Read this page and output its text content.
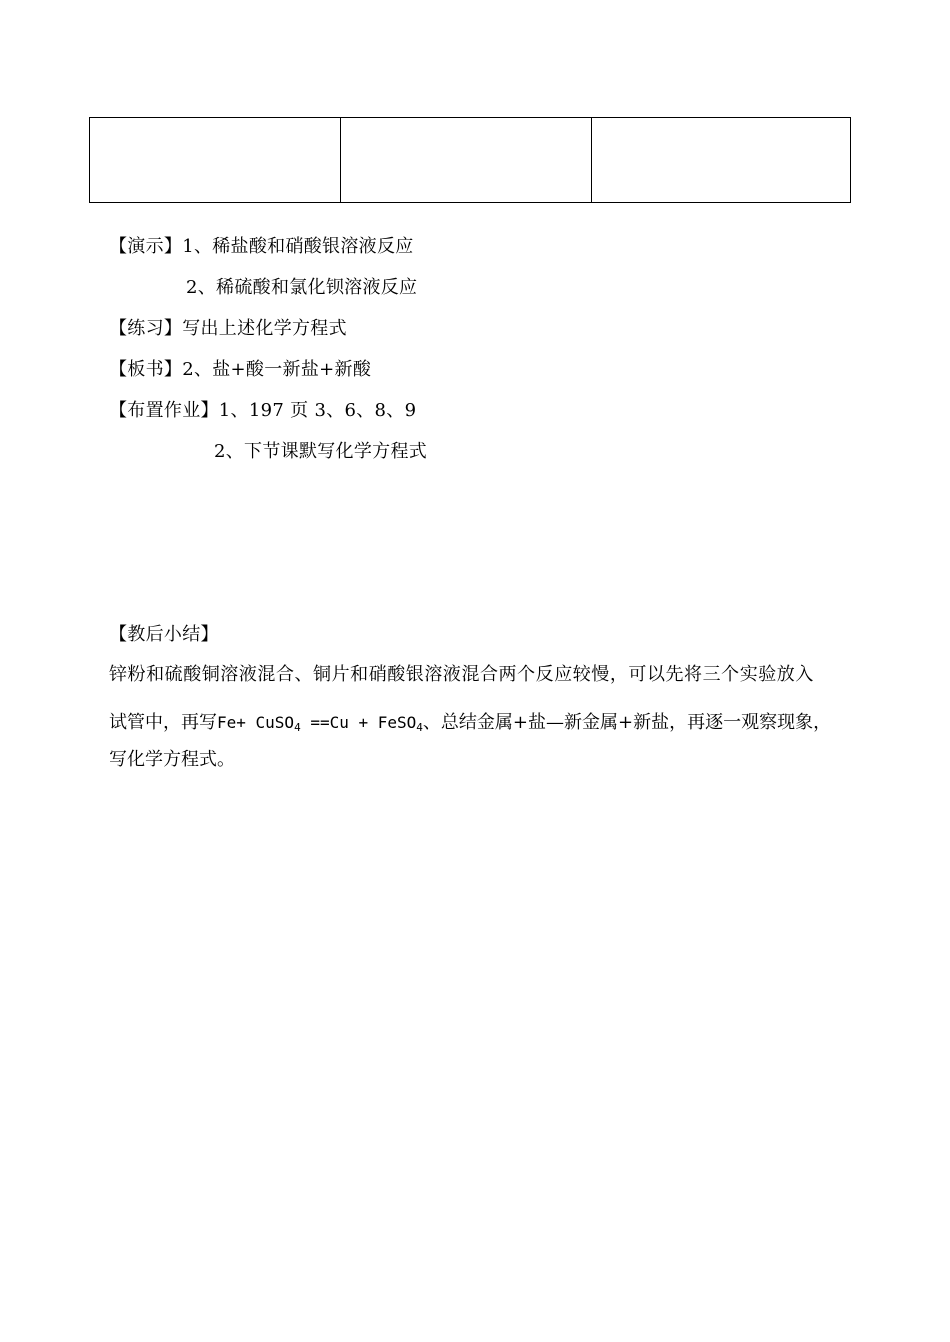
【演示】1、稀盐酸和硝酸银溶液反应
2、稀硫酸和氯化钡溶液反应
【练习】写出上述化学方程式
【板书】2、盐+酸一新盐+新酸
【布置作业】1、197 页 3、6、8、9
2、下节课默写化学方程式
【教后小结】
锌粉和硫酸铜溶液混合、铜片和硝酸银溶液混合两个反应较慢，可以先将三个实验放入
试管中，再写Fe+ CuSO$_4$ ==Cu + FeSO$_4$、总结金属+盐—新金属+新盐，再逐一观察现象，
写化学方程式。
